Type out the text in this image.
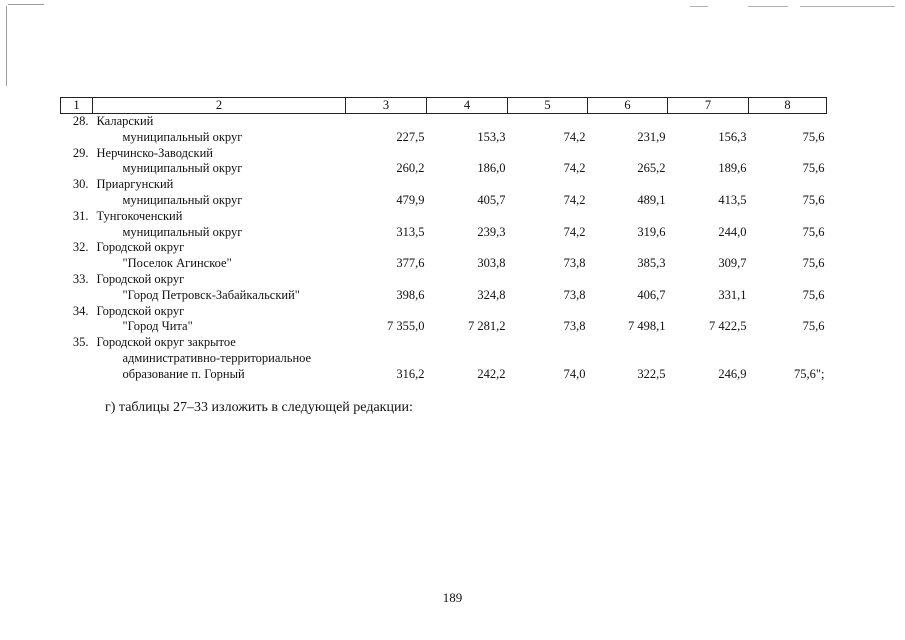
1	2	3	4	5	6	7	8
28.	Каларский						
	муниципальный округ	227,5	153,3	74,2	231,9	156,3	75,6
29.	Нерчинско-Заводский						
	муниципальный округ	260,2	186,0	74,2	265,2	189,6	75,6
30.	Приаргунский						
	муниципальный округ	479,9	405,7	74,2	489,1	413,5	75,6
31.	Тунгокоченский						
	муниципальный округ	313,5	239,3	74,2	319,6	244,0	75,6
32.	Городской округ						
	"Поселок Агинское"	377,6	303,8	73,8	385,3	309,7	75,6
33.	Городской округ						
	"Город Петровск-Забайкальский"	398,6	324,8	73,8	406,7	331,1	75,6
34.	Городской округ						
	"Город Чита"	7 355,0	7 281,2	73,8	7 498,1	7 422,5	75,6
35.	Городской округ закрытое						
	административно-территориальное						
	образование п. Горный	316,2	242,2	74,0	322,5	246,9	75,6";
г) таблицы 27–33 изложить в следующей редакции:
189
